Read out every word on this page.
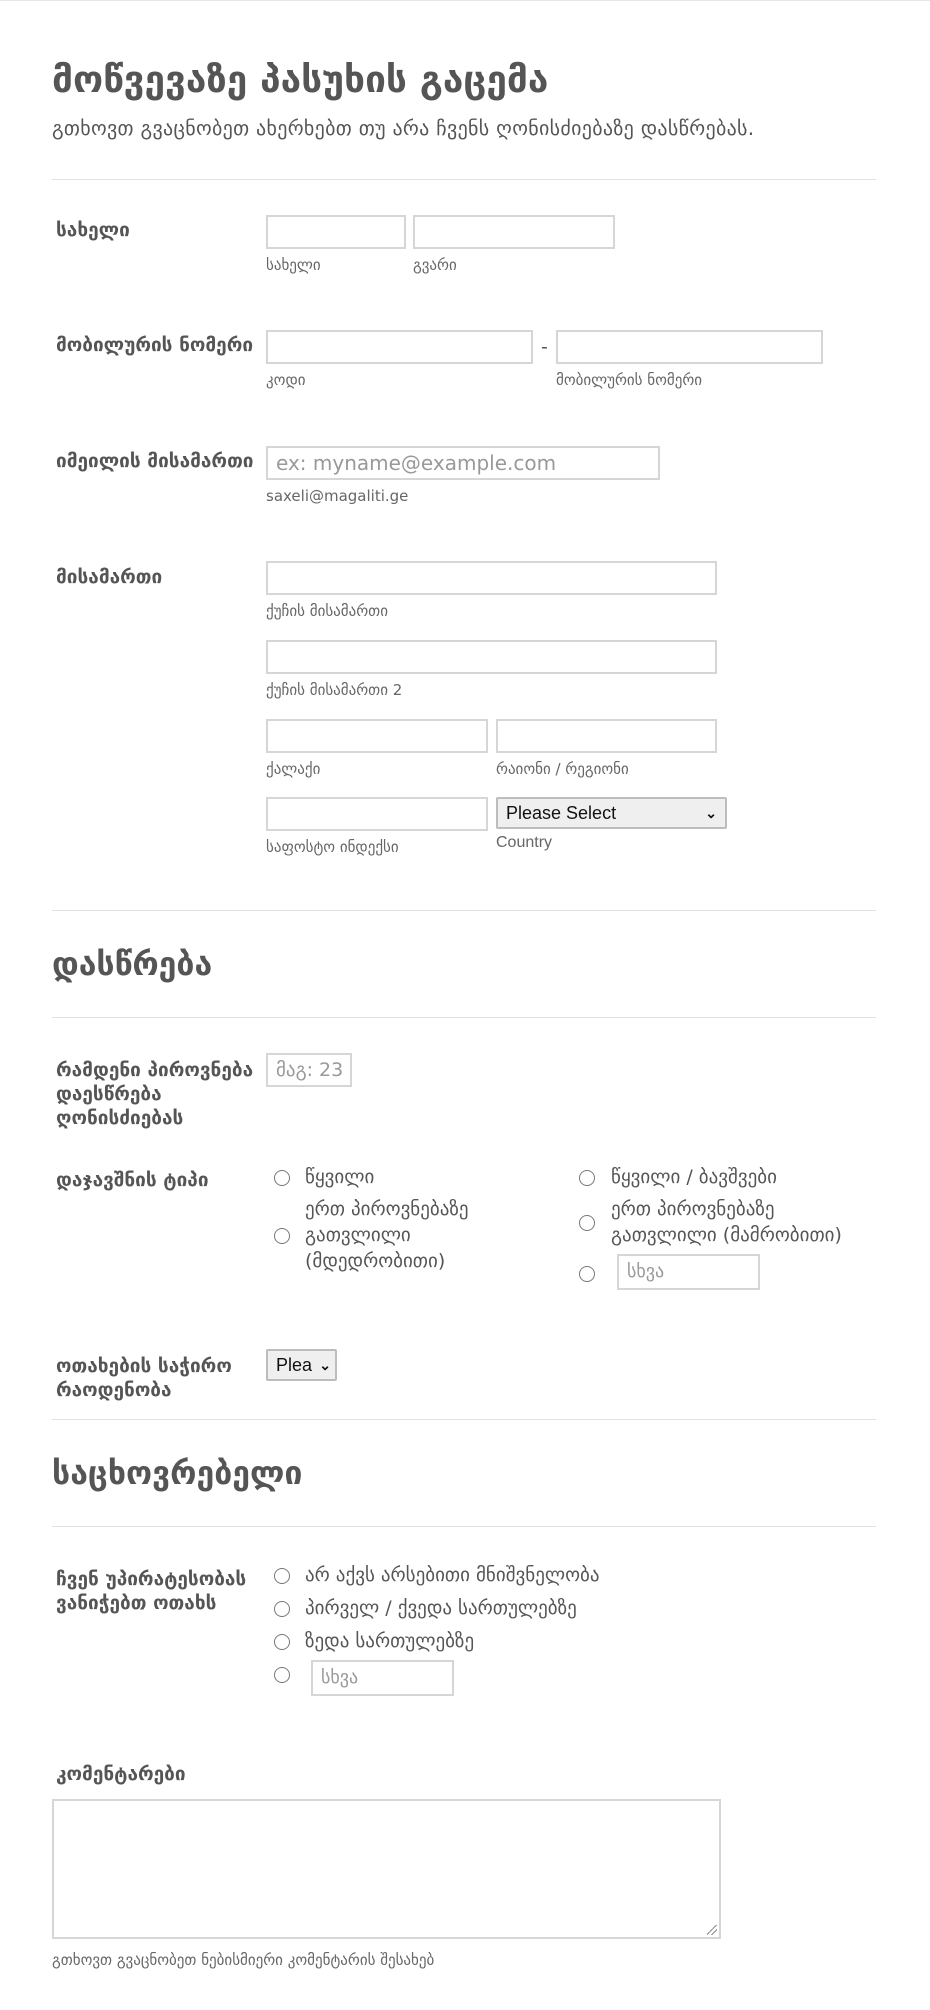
მოწვევაზე პასუხის გაცემა
გთხოვთ გვაცნობეთ ახერხებთ თუ არა ჩვენს ღონისძიებაზე დასწრებას.
სახელი
სახელი	გვარი
მობილურის ნომერი	-
კოდი	მობილურის ნომერი
იმეილის მისამართი	ex: myname@example.com
saxeli@magaliti.ge
მისამართი
ქუჩის მისამართი
ქუჩის მისამართი 2
ქალაქი	რაიონი / რეგიონი
Please Select	⌄
საფოსტო ინდექსი	Country
დასწრება
რამდენი პიროვნება დაესწრება ღონისძიებას
მაგ: 23
დაჯავშნის ტიპი	წყვილი	წყვილი / ბავშვები
ერთ პიროვნებაზე გათვლილი (მდედრობითი)
ერთ პიროვნებაზე გათვლილი (მამრობითი)
სხვა
ოთახების საჭირო რაოდენობა
Plea ⌄
საცხოვრებელი
ჩვენ უპირატესობას ვანიჭებთ ოთახს
არ აქვს არსებითი მნიშვნელობა
პირველ / ქვედა სართულებზე
ზედა სართულებზე
სხვა
კომენტარები
გთხოვთ გვაცნობეთ ნებისმიერი კომენტარის შესახებ
